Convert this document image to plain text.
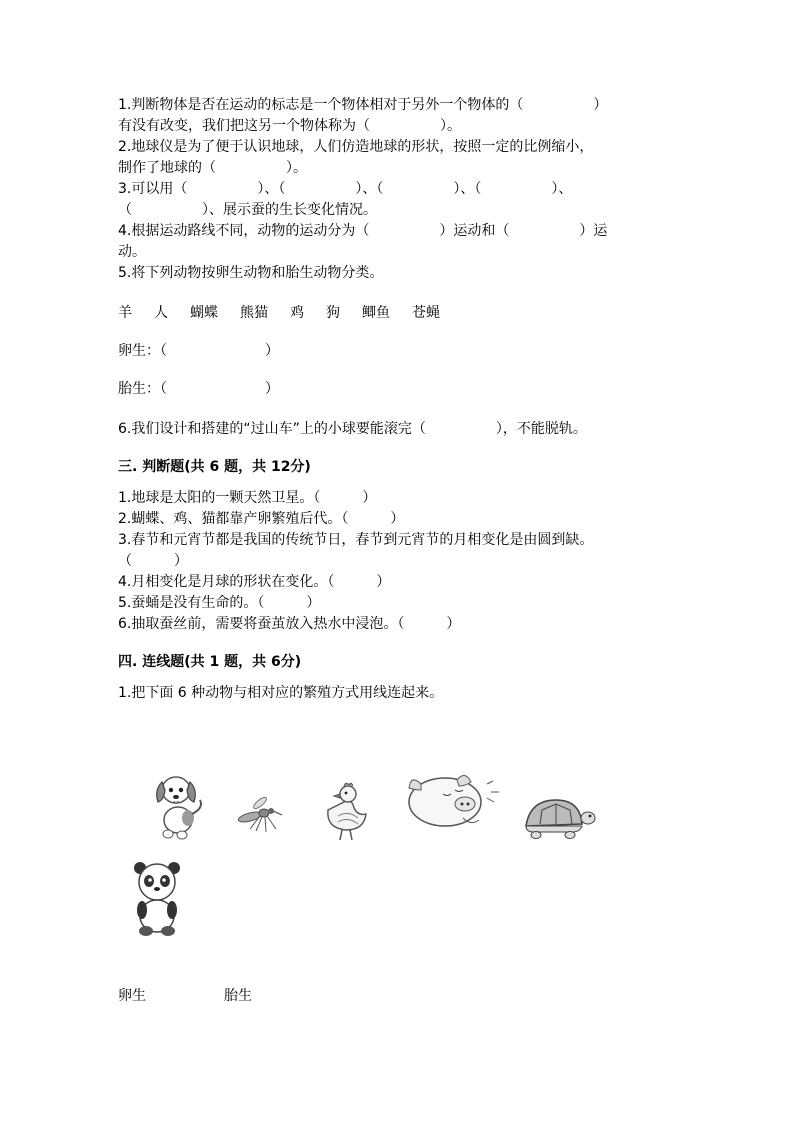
1.判断物体是否在运动的标志是一个物体相对于另外一个物体的（　　　　　）
有没有改变，我们把这另一个物体称为（　　　　　）。
2.地球仪是为了便于认识地球，人们仿造地球的形状，按照一定的比例缩小，
制作了地球的（　　　　　）。
3.可以用（　　　　　）、（　　　　　）、（　　　　　）、（　　　　　）、
（　　　　　）、展示蚕的生长变化情况。
4.根据运动路线不同，动物的运动分为（　　　　　）运动和（　　　　　）运
动。
5.将下列动物按卵生动物和胎生动物分类。
羊 人 蝴蝶 熊猫 鸡 狗 鲫鱼 苍蝇
卵生：（　　　　　　　）
胎生：（　　　　　　　）
6.我们设计和搭建的“过山车”上的小球要能滚完（　　　　　），不能脱轨。
三. 判断题(共 6 题，共 12分)
1.地球是太阳的一颗天然卫星。（　　　）
2.蝴蝶、鸡、猫都靠产卵繁殖后代。（　　　）
3.春节和元宵节都是我国的传统节日，春节到元宵节的月相变化是由圆到缺。
（　　　）
4.月相变化是月球的形状在变化。（　　　）
5.蚕蛹是没有生命的。（　　　）
6.抽取蚕丝前，需要将蚕茧放入热水中浸泡。（　　　）
四. 连线题(共 1 题，共 6分)
1.把下面 6 种动物与相对应的繁殖方式用线连起来。
卵生	胎生
